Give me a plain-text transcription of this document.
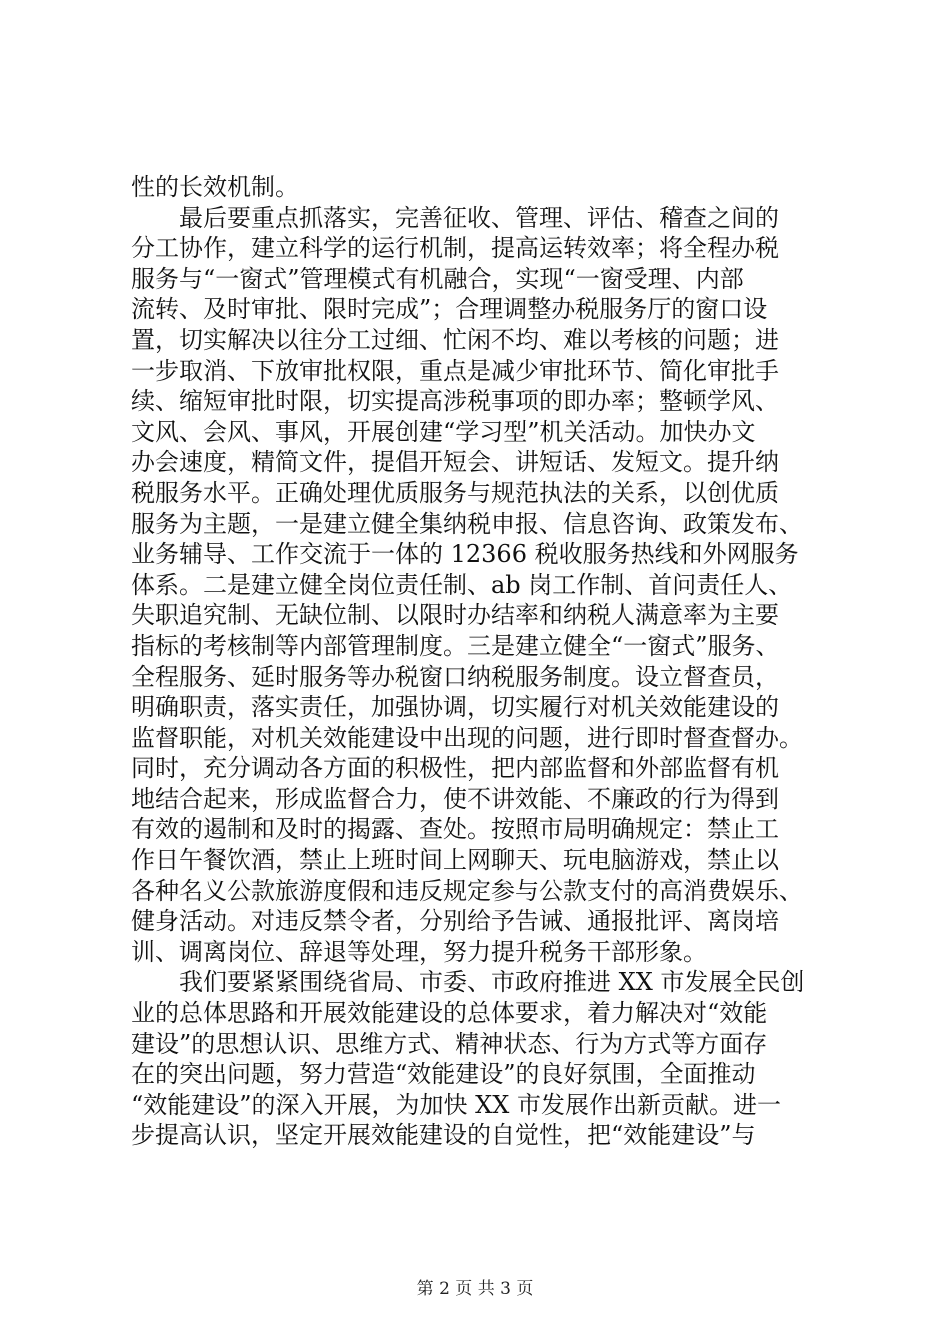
性的长效机制。
最后要重点抓落实，完善征收、管理、评估、稽查之间的
分工协作，建立科学的运行机制，提高运转效率；将全程办税
服务与“一窗式”管理模式有机融合，实现“一窗受理、内部
流转、及时审批、限时完成”；合理调整办税服务厅的窗口设
置，切实解决以往分工过细、忙闲不均、难以考核的问题；进
一步取消、下放审批权限，重点是减少审批环节、简化审批手
续、缩短审批时限，切实提高涉税事项的即办率；整顿学风、
文风、会风、事风，开展创建“学习型”机关活动。加快办文
办会速度，精简文件，提倡开短会、讲短话、发短文。提升纳
税服务水平。正确处理优质服务与规范执法的关系，以创优质
服务为主题，一是建立健全集纳税申报、信息咨询、政策发布、
业务辅导、工作交流于一体的 12366 税收服务热线和外网服务
体系。二是建立健全岗位责任制、ab 岗工作制、首问责任人、
失职追究制、无缺位制、以限时办结率和纳税人满意率为主要
指标的考核制等内部管理制度。三是建立健全“一窗式”服务、
全程服务、延时服务等办税窗口纳税服务制度。设立督查员，
明确职责，落实责任，加强协调，切实履行对机关效能建设的
监督职能，对机关效能建设中出现的问题，进行即时督查督办。
同时，充分调动各方面的积极性，把内部监督和外部监督有机
地结合起来，形成监督合力，使不讲效能、不廉政的行为得到
有效的遏制和及时的揭露、查处。按照市局明确规定：禁止工
作日午餐饮酒，禁止上班时间上网聊天、玩电脑游戏，禁止以
各种名义公款旅游度假和违反规定参与公款支付的高消费娱乐、
健身活动。对违反禁令者，分别给予告诫、通报批评、离岗培
训、调离岗位、辞退等处理，努力提升税务干部形象。
我们要紧紧围绕省局、市委、市政府推进 XX 市发展全民创
业的总体思路和开展效能建设的总体要求，着力解决对“效能
建设”的思想认识、思维方式、精神状态、行为方式等方面存
在的突出问题，努力营造“效能建设”的良好氛围，全面推动
“效能建设”的深入开展，为加快 XX 市发展作出新贡献。进一
步提高认识，坚定开展效能建设的自觉性，把“效能建设”与
第 2 页 共 3 页
